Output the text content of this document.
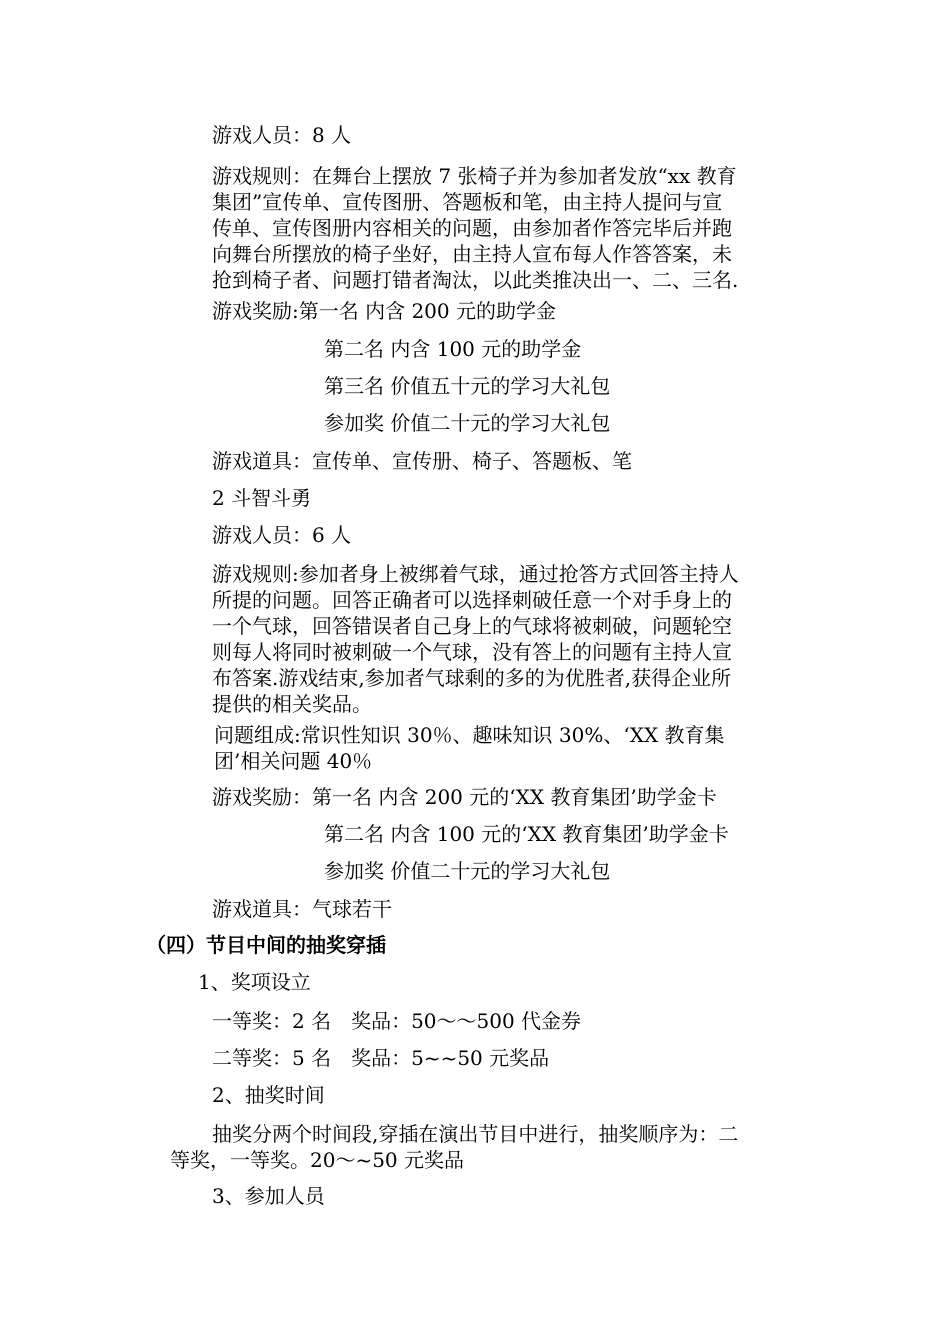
游戏人员：8 人
游戏规则：在舞台上摆放 7 张椅子并为参加者发放“xx 教育
集团”宣传单、宣传图册、答题板和笔，由主持人提问与宣
传单、宣传图册内容相关的问题，由参加者作答完毕后并跑
向舞台所摆放的椅子坐好，由主持人宣布每人作答答案，未
抢到椅子者、问题打错者淘汰，以此类推决出一、二、三名.
游戏奖励:第一名 内含 200 元的助学金
第二名 内含 100 元的助学金
第三名 价值五十元的学习大礼包
参加奖 价值二十元的学习大礼包
游戏道具：宣传单、宣传册、椅子、答题板、笔
2 斗智斗勇
游戏人员：6 人
游戏规则:参加者身上被绑着气球，通过抢答方式回答主持人
所提的问题。回答正确者可以选择刺破任意一个对手身上的
一个气球，回答错误者自己身上的气球将被刺破，问题轮空
则每人将同时被刺破一个气球，没有答上的问题有主持人宣
布答案.游戏结束,参加者气球剩的多的为优胜者,获得企业所
提供的相关奖品。
问题组成:常识性知识 30％、趣味知识 30%、‘XX 教育集
团’相关问题 40％
游戏奖励：第一名 内含 200 元的‘XX 教育集团’助学金卡
第二名 内含 100 元的‘XX 教育集团’助学金卡
参加奖 价值二十元的学习大礼包
游戏道具：气球若干
（四）节目中间的抽奖穿插
1、奖项设立
一等奖：2 名　奖品：50～～500 代金券
二等奖：5 名　奖品：5~~50 元奖品
2、抽奖时间
抽奖分两个时间段,穿插在演出节目中进行，抽奖顺序为：二
等奖，一等奖。20～~50 元奖品
3、参加人员
